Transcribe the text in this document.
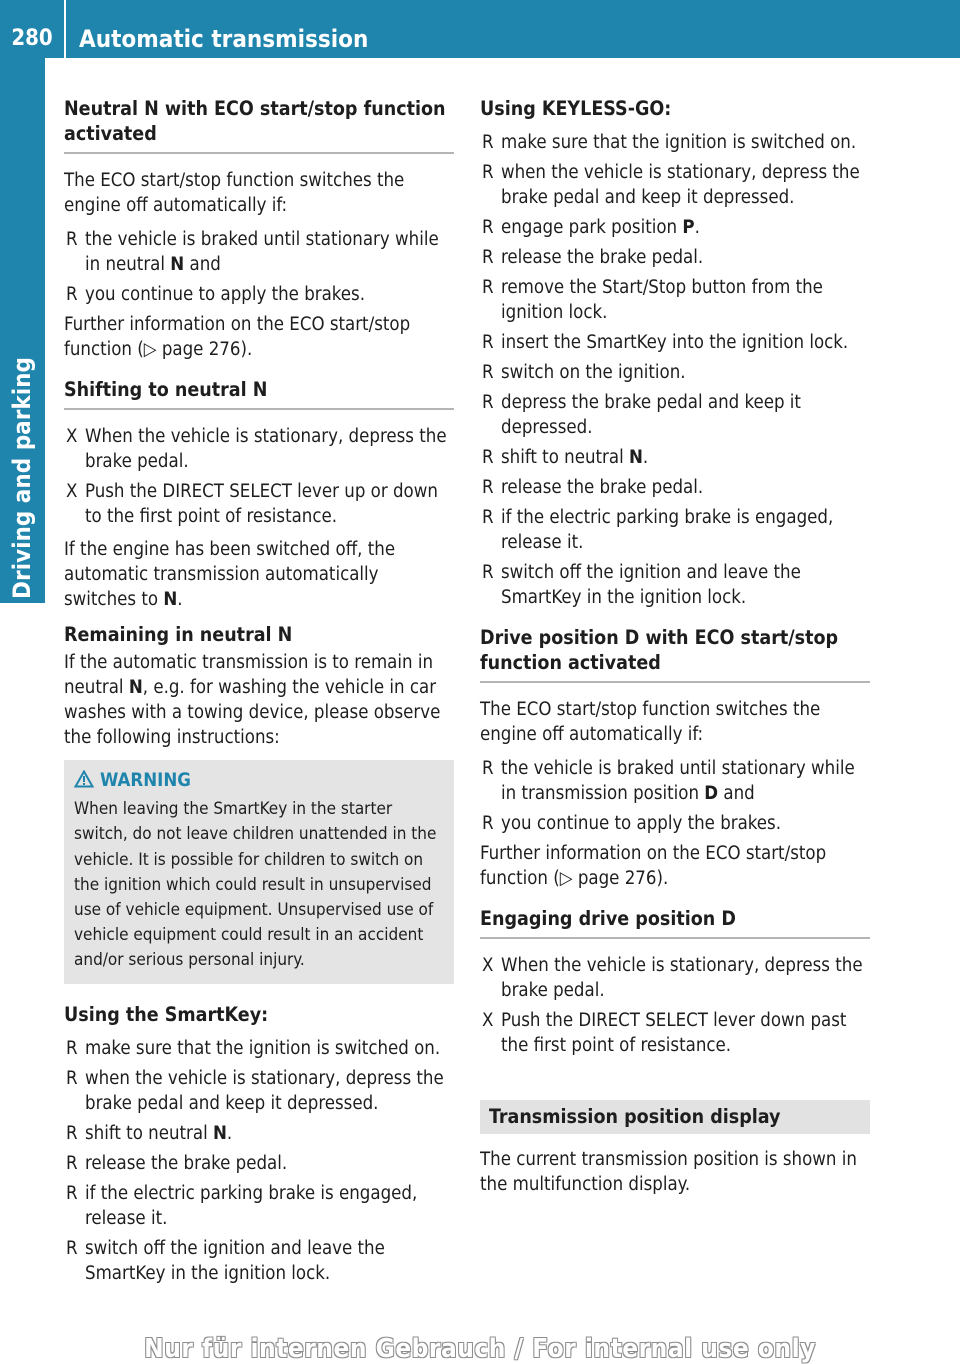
280	Automatic transmission
Driving and parking
Neutral N with ECO start/stop function activated

The ECO start/stop function switches the engine off automatically if:

R the vehicle is braked until stationary while in neutral N and
R you continue to apply the brakes.

Further information on the ECO start/stop function (▷ page 276).

Shifting to neutral N
X When the vehicle is stationary, depress the brake pedal.
X Push the DIRECT SELECT lever up or down to the first point of resistance.

If the engine has been switched off, the automatic transmission automatically switches to N.

Remaining in neutral N

If the automatic transmission is to remain in neutral N, e.g. for washing the vehicle in car washes with a towing device, please observe the following instructions:

WARNING
When leaving the SmartKey in the starter switch, do not leave children unattended in the vehicle. It is possible for children to switch on the ignition which could result in unsupervised use of vehicle equipment. Unsupervised use of vehicle equipment could result in an accident and/or serious personal injury.
Using the SmartKey:
R make sure that the ignition is switched on.
R when the vehicle is stationary, depress the brake pedal and keep it depressed.
R shift to neutral N.
R release the brake pedal.
R if the electric parking brake is engaged, release it.
R switch off the ignition and leave the SmartKey in the ignition lock.
Using KEYLESS-GO:
R make sure that the ignition is switched on.
R when the vehicle is stationary, depress the brake pedal and keep it depressed.
R engage park position P.
R release the brake pedal.
R remove the Start/Stop button from the ignition lock.
R insert the SmartKey into the ignition lock.
R switch on the ignition.
R depress the brake pedal and keep it depressed.
R shift to neutral N.
R release the brake pedal.
R if the electric parking brake is engaged, release it.
R switch off the ignition and leave the SmartKey in the ignition lock.
Drive position D with ECO start/stop function activated

The ECO start/stop function switches the engine off automatically if:

R the vehicle is braked until stationary while in transmission position D and
R you continue to apply the brakes.

Further information on the ECO start/stop function (▷ page 276).

Engaging drive position D
X When the vehicle is stationary, depress the brake pedal.
X Push the DIRECT SELECT lever down past the first point of resistance.
Transmission position display

The current transmission position is shown in the multifunction display.

Nur für internen Gebrauch / For internal use only
